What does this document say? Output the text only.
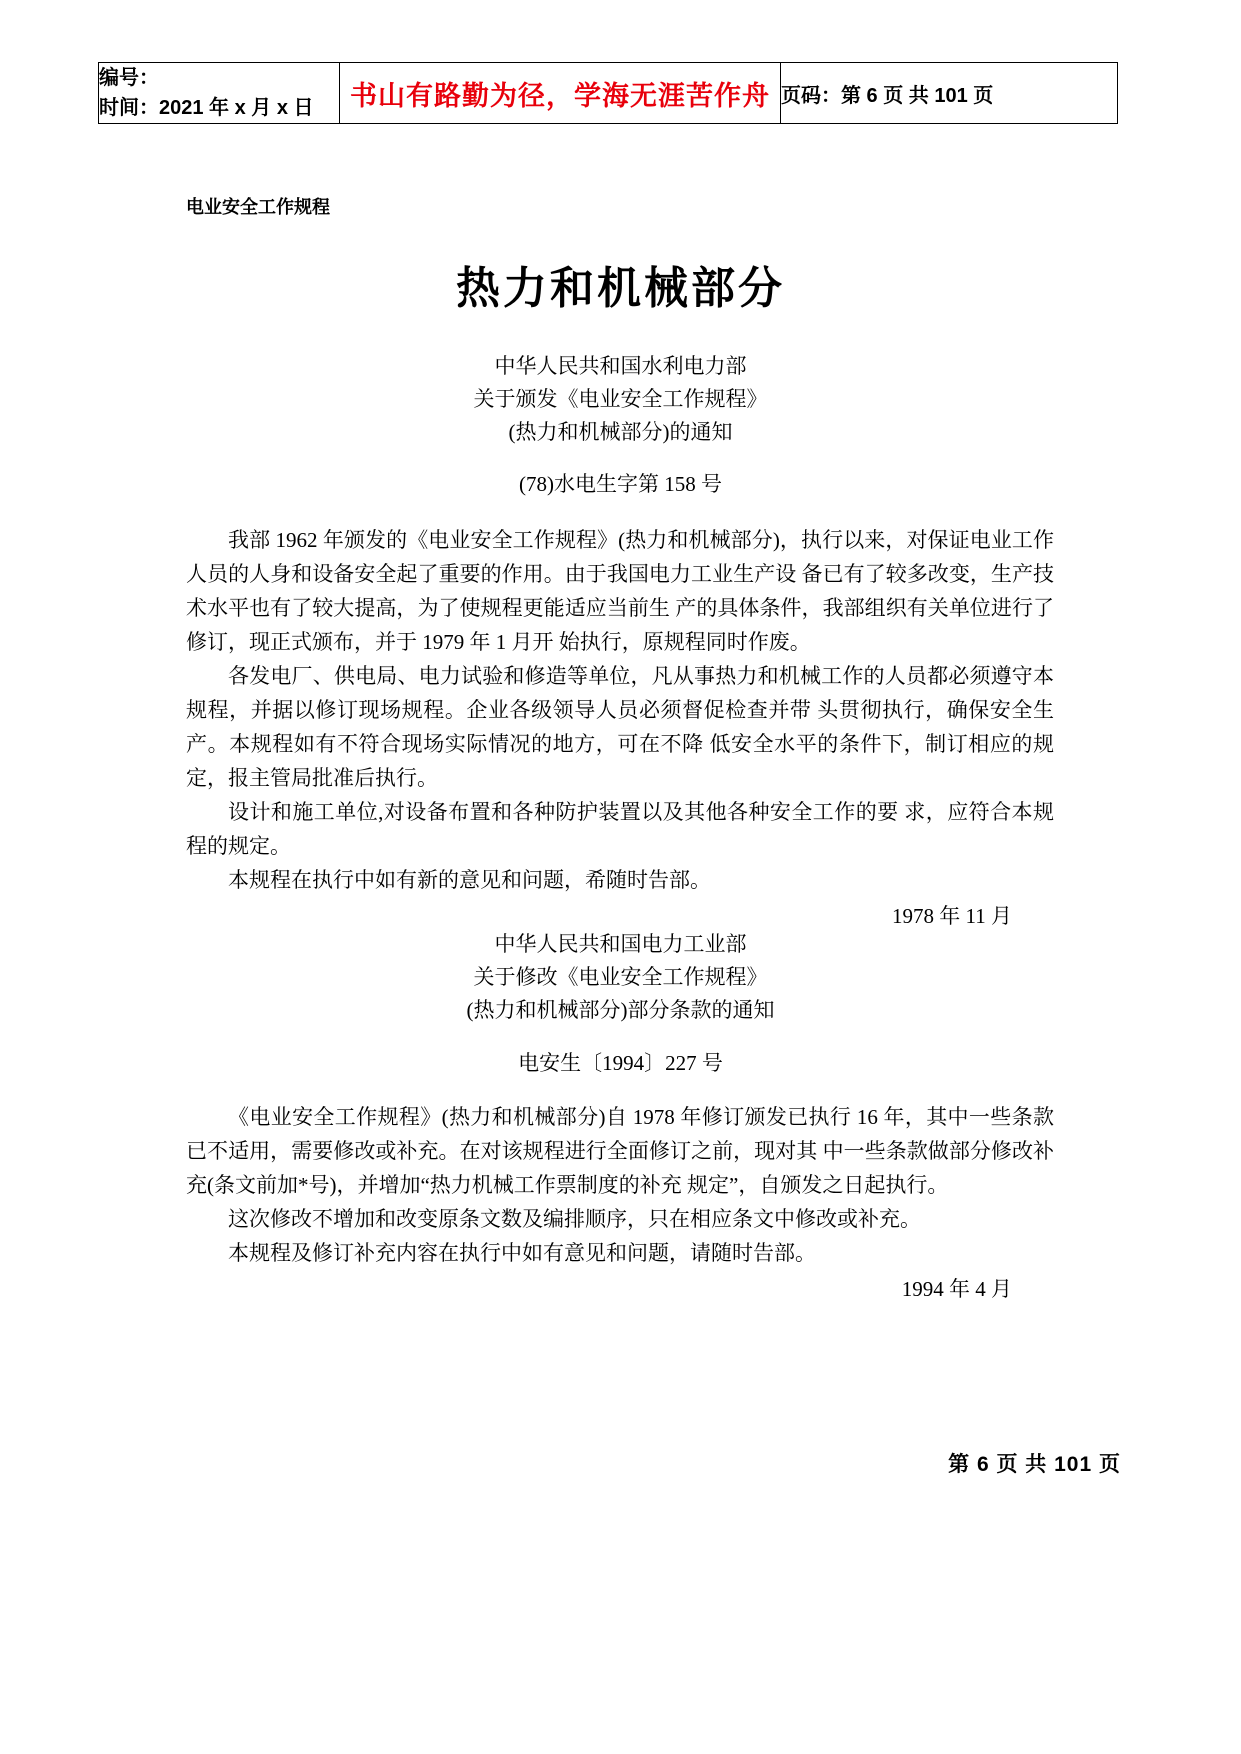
编号：
时间：2021 年 x 月 x 日	书山有路勤为径，学海无涯苦作舟	页码：第 6 页 共 101 页
电业安全工作规程
热力和机械部分
中华人民共和国水利电力部
关于颁发《电业安全工作规程》
(热力和机械部分)的通知
(78)水电生字第 158 号

我部 1962 年颁发的《电业安全工作规程》(热力和机械部分)，执行以来，对保证电业工作人员的人身和设备安全起了重要的作用。由于我国电力工业生产设 备已有了较多改变，生产技术水平也有了较大提高，为了使规程更能适应当前生 产的具体条件，我部组织有关单位进行了修订，现正式颁布，并于 1979 年 1 月开 始执行，原规程同时作废。

各发电厂、供电局、电力试验和修造等单位，凡从事热力和机械工作的人员都必须遵守本规程，并据以修订现场规程。企业各级领导人员必须督促检查并带 头贯彻执行，确保安全生产。本规程如有不符合现场实际情况的地方，可在不降 低安全水平的条件下，制订相应的规定，报主管局批准后执行。

设计和施工单位,对设备布置和各种防护装置以及其他各种安全工作的要 求，应符合本规程的规定。

本规程在执行中如有新的意见和问题，希随时告部。

1978 年 11 月
中华人民共和国电力工业部
关于修改《电业安全工作规程》
(热力和机械部分)部分条款的通知
电安生〔1994〕227 号

《电业安全工作规程》(热力和机械部分)自 1978 年修订颁发已执行 16 年，其中一些条款已不适用，需要修改或补充。在对该规程进行全面修订之前，现对其 中一些条款做部分修改补充(条文前加*号)，并增加“热力机械工作票制度的补充 规定”，自颁发之日起执行。

这次修改不增加和改变原条文数及编排顺序，只在相应条文中修改或补充。

本规程及修订补充内容在执行中如有意见和问题，请随时告部。

1994 年 4 月
第 6 页 共 101 页
